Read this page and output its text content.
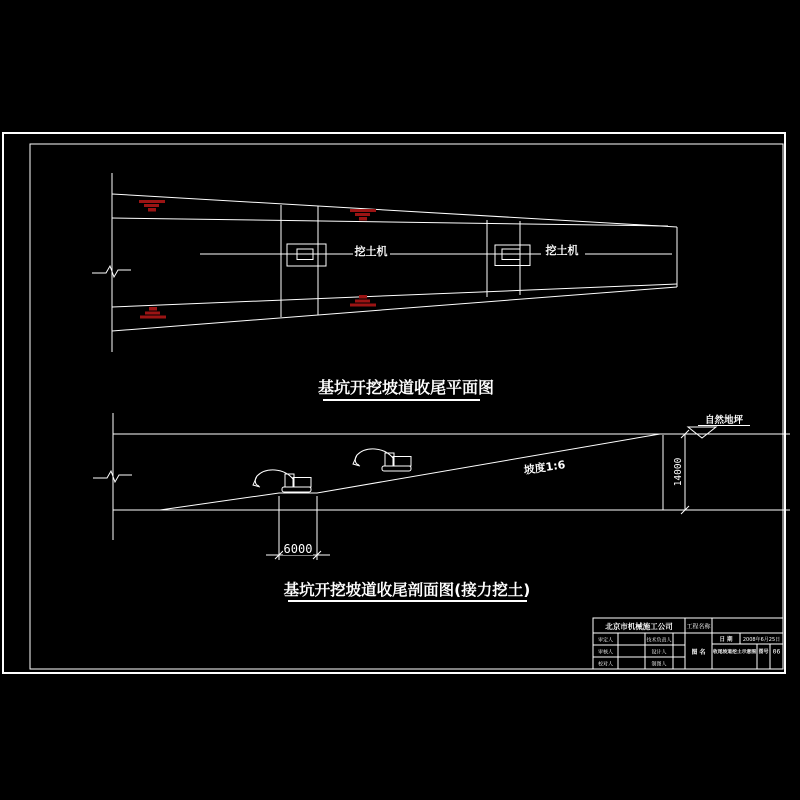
挖土机	挖土机
基坑开挖坡道收尾平面图
6000
14000
自然地坪
坡度1:6
基坑开挖坡道收尾剖面图(接力挖土)
北京市机械施工公司 工程名称
审定人	技术负责人
审核人	设计人
校对人	制图人
图 名
日 期 2008年6月25日
收尾坡道挖土示意图 图号 06
